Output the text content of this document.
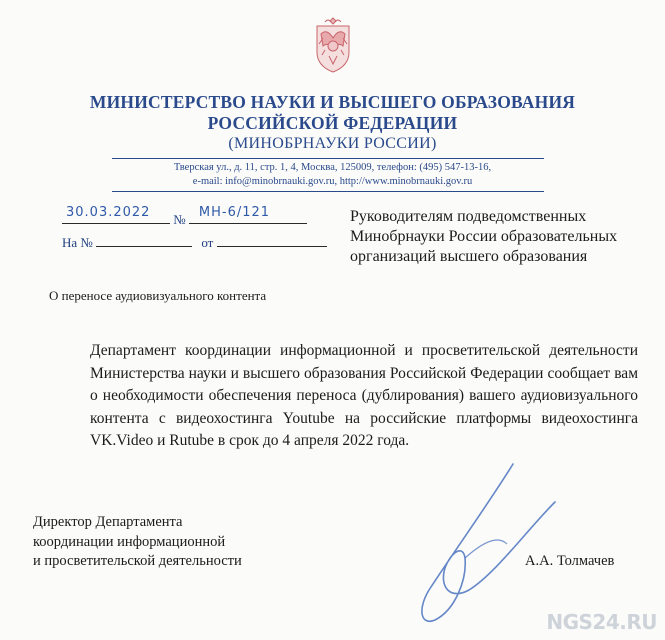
МИНИСТЕРСТВО НАУКИ И ВЫСШЕГО ОБРАЗОВАНИЯ
РОССИЙСКОЙ ФЕДЕРАЦИИ
(МИНОБРНАУКИ РОССИИ)
Тверская ул., д. 11, стр. 1, 4, Москва, 125009, телефон: (495) 547-13-16,
e-mail: info@minobrnauki.gov.ru, http://www.minobrnauki.gov.ru
30.03.2022 № МН-6/121
На №	от
Руководителям подведомственных
Минобрнауки России образовательных
организаций высшего образования
О переносе аудиовизуального контента
Департамент координации информационной и просветительской деятельности Министерства науки и высшего образования Российской Федерации сообщает вам о необходимости обеспечения переноса (дублирования) вашего аудиовизуального контента с видеохостинга Youtube на российские платформы видеохостинга VK.Video и Rutube в срок до 4 апреля 2022 года.
Директор Департамента
координации информационной
и просветительской деятельности	А.А. Толмачев
NGS24.RU
